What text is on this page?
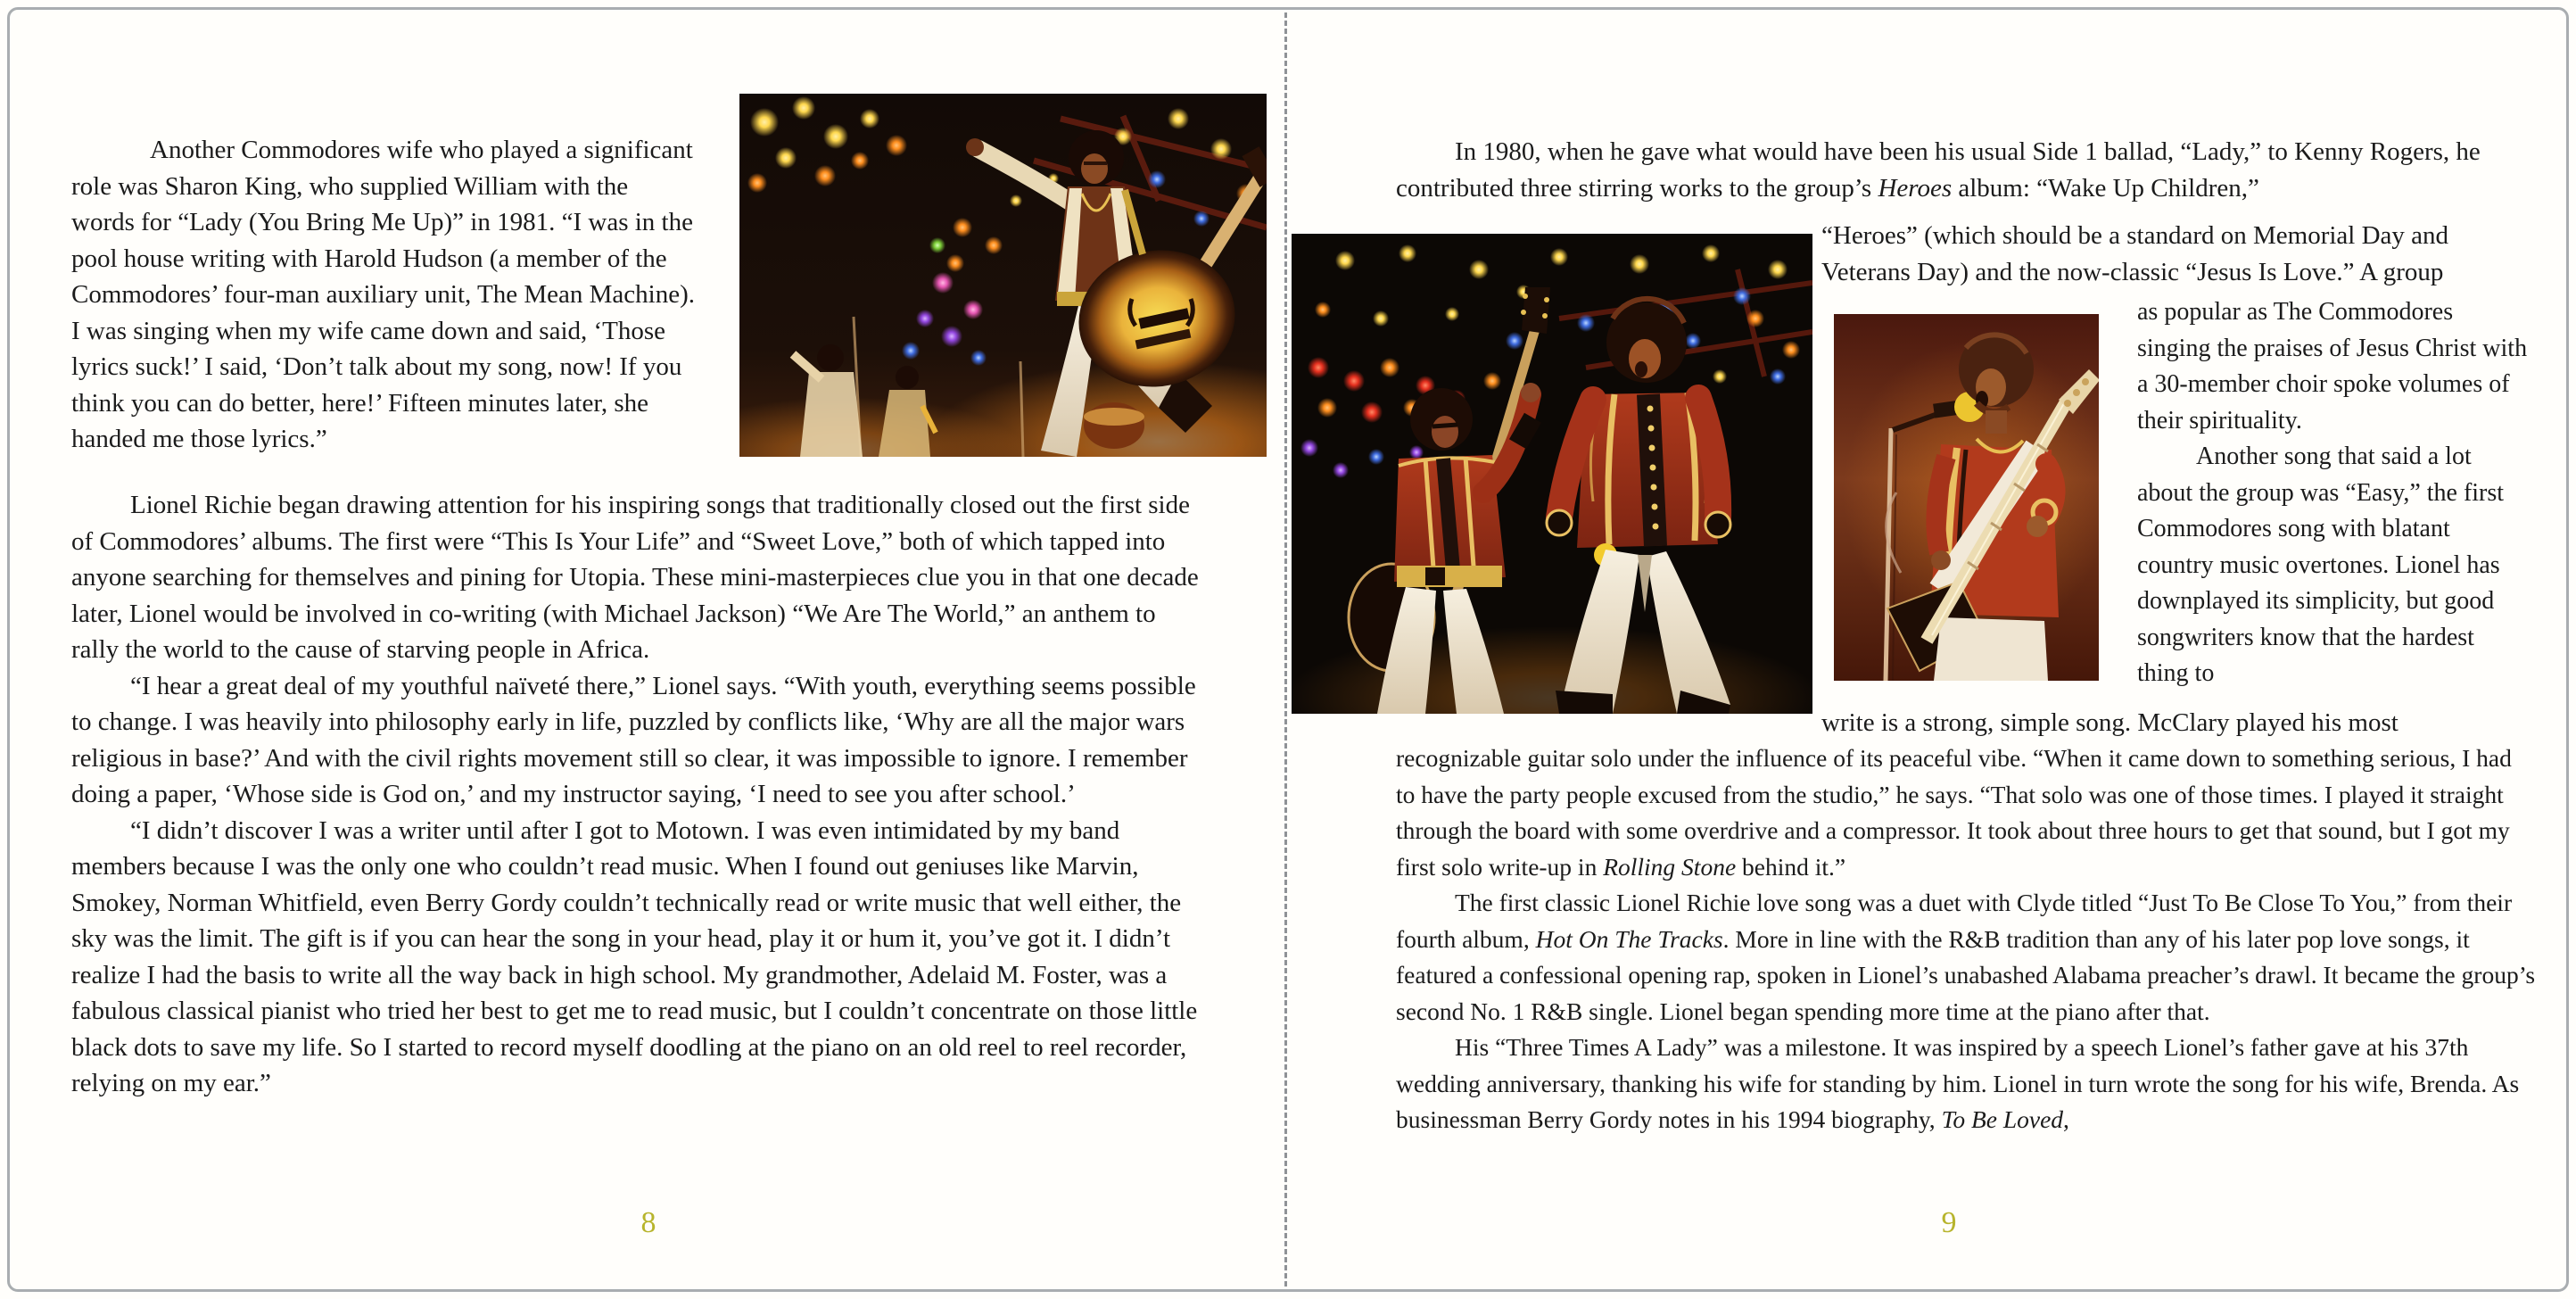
Another Commodores wife who played a significant role was Sharon King, who supplied William with the words for “Lady (You Bring Me Up)” in 1981. “I was in the pool house writing with Harold Hudson (a member of the Commodores’ four-man auxiliary unit, The Mean Machine). I was singing when my wife came down and said, ‘Those lyrics suck!’ I said, ‘Don’t talk about my song, now! If you think you can do better, here!’ Fifteen minutes later, she handed me those lyrics.”

Lionel Richie began drawing attention for his inspiring songs that traditionally closed out the first side of Commodores’ albums. The first were “This Is Your Life” and “Sweet Love,” both of which tapped into anyone searching for themselves and pining for Utopia. These mini-masterpieces clue you in that one decade later, Lionel would be involved in co-writing (with Michael Jackson) “We Are The World,” an anthem to rally the world to the cause of starving people in Africa.

“I hear a great deal of my youthful naïveté there,” Lionel says. “With youth, everything seems possible to change. I was heavily into philosophy early in life, puzzled by conflicts like, ‘Why are all the major wars religious in base?’ And with the civil rights movement still so clear, it was impossible to ignore. I remember doing a paper, ‘Whose side is God on,’ and my instructor saying, ‘I need to see you after school.’

“I didn’t discover I was a writer until after I got to Motown. I was even intimidated by my band members because I was the only one who couldn’t read music. When I found out geniuses like Marvin, Smokey, Norman Whitfield, even Berry Gordy couldn’t technically read or write music that well either, the sky was the limit. The gift is if you can hear the song in your head, play it or hum it, you’ve got it. I didn’t realize I had the basis to write all the way back in high school. My grandmother, Adelaid M. Foster, was a fabulous classical pianist who tried her best to get me to read music, but I couldn’t concentrate on those little black dots to save my life. So I started to record myself doodling at the piano on an old reel to reel recorder, relying on my ear.”

8

In 1980, when he gave what would have been his usual Side 1 ballad, “Lady,” to Kenny Rogers, he contributed three stirring works to the group’s Heroes album: “Wake Up Children,”

“Heroes” (which should be a standard on Memorial Day and Veterans Day) and the now-classic “Jesus Is Love.” A group

as popular as The Commodores singing the praises of Jesus Christ with a 30-member choir spoke volumes of their spirituality.

Another song that said a lot about the group was “Easy,” the first Commodores song with blatant country music overtones. Lionel has downplayed its simplicity, but good songwriters know that the hardest thing to

write is a strong, simple song. McClary played his most

recognizable guitar solo under the influence of its peaceful vibe. “When it came down to something serious, I had to have the party people excused from the studio,” he says. “That solo was one of those times. I played it straight through the board with some overdrive and a compressor. It took about three hours to get that sound, but I got my first solo write-up in Rolling Stone behind it.”

The first classic Lionel Richie love song was a duet with Clyde titled “Just To Be Close To You,” from their fourth album, Hot On The Tracks. More in line with the R&B tradition than any of his later pop love songs, it featured a confessional opening rap, spoken in Lionel’s unabashed Alabama preacher’s drawl. It became the group’s second No. 1 R&B single. Lionel began spending more time at the piano after that.

His “Three Times A Lady” was a milestone. It was inspired by a speech Lionel’s father gave at his 37th wedding anniversary, thanking his wife for standing by him. Lionel in turn wrote the song for his wife, Brenda. As businessman Berry Gordy notes in his 1994 biography, To Be Loved,

9
